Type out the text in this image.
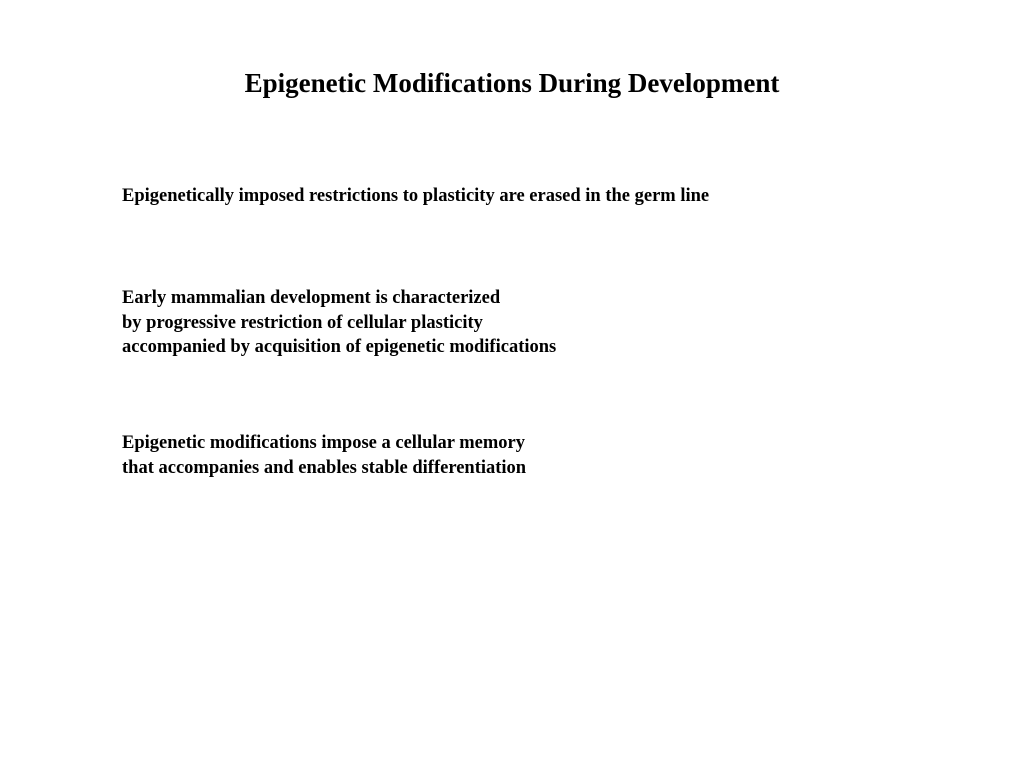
Epigenetic Modifications During Development

Epigenetically imposed restrictions to plasticity are erased in the germ line

Early mammalian development is characterized
by progressive restriction of cellular plasticity
accompanied by acquisition of epigenetic modifications

Epigenetic modifications impose a cellular memory
that accompanies and enables stable differentiation
